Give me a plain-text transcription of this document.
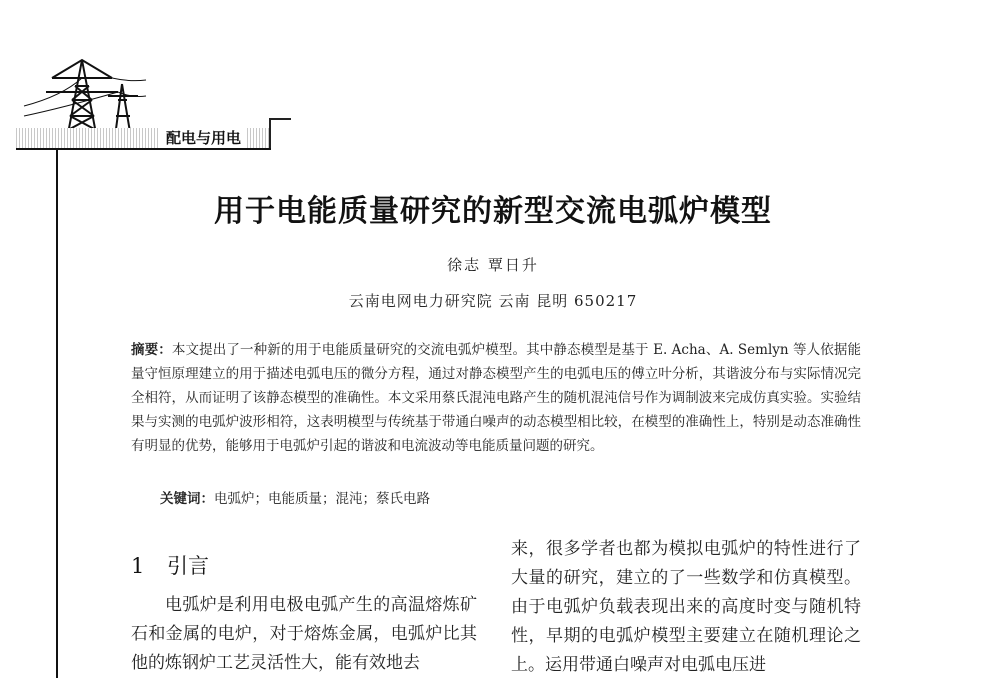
配电与用电
用于电能质量研究的新型交流电弧炉模型
徐志 覃日升
云南电网电力研究院 云南 昆明 650217

摘要：本文提出了一种新的用于电能质量研究的交流电弧炉模型。其中静态模型是基于 E. Acha、A. Semlyn 等人依据能量守恒原理建立的用于描述电弧电压的微分方程，通过对静态模型产生的电弧电压的傅立叶分析，其谐波分布与实际情况完全相符，从而证明了该静态模型的准确性。本文采用蔡氏混沌电路产生的随机混沌信号作为调制波来完成仿真实验。实验结果与实测的电弧炉波形相符，这表明模型与传统基于带通白噪声的动态模型相比较，在模型的准确性上，特别是动态准确性有明显的优势，能够用于电弧炉引起的谐波和电流波动等电能质量问题的研究。

关键词：电弧炉；电能质量；混沌；蔡氏电路
1 引言

电弧炉是利用电极电弧产生的高温熔炼矿石和金属的电炉，对于熔炼金属，电弧炉比其他的炼钢炉工艺灵活性大，能有效地去

来，很多学者也都为模拟电弧炉的特性进行了大量的研究，建立的了一些数学和仿真模型。由于电弧炉负载表现出来的高度时变与随机特性，早期的电弧炉模型主要建立在随机理论之上。运用带通白噪声对电弧电压进
